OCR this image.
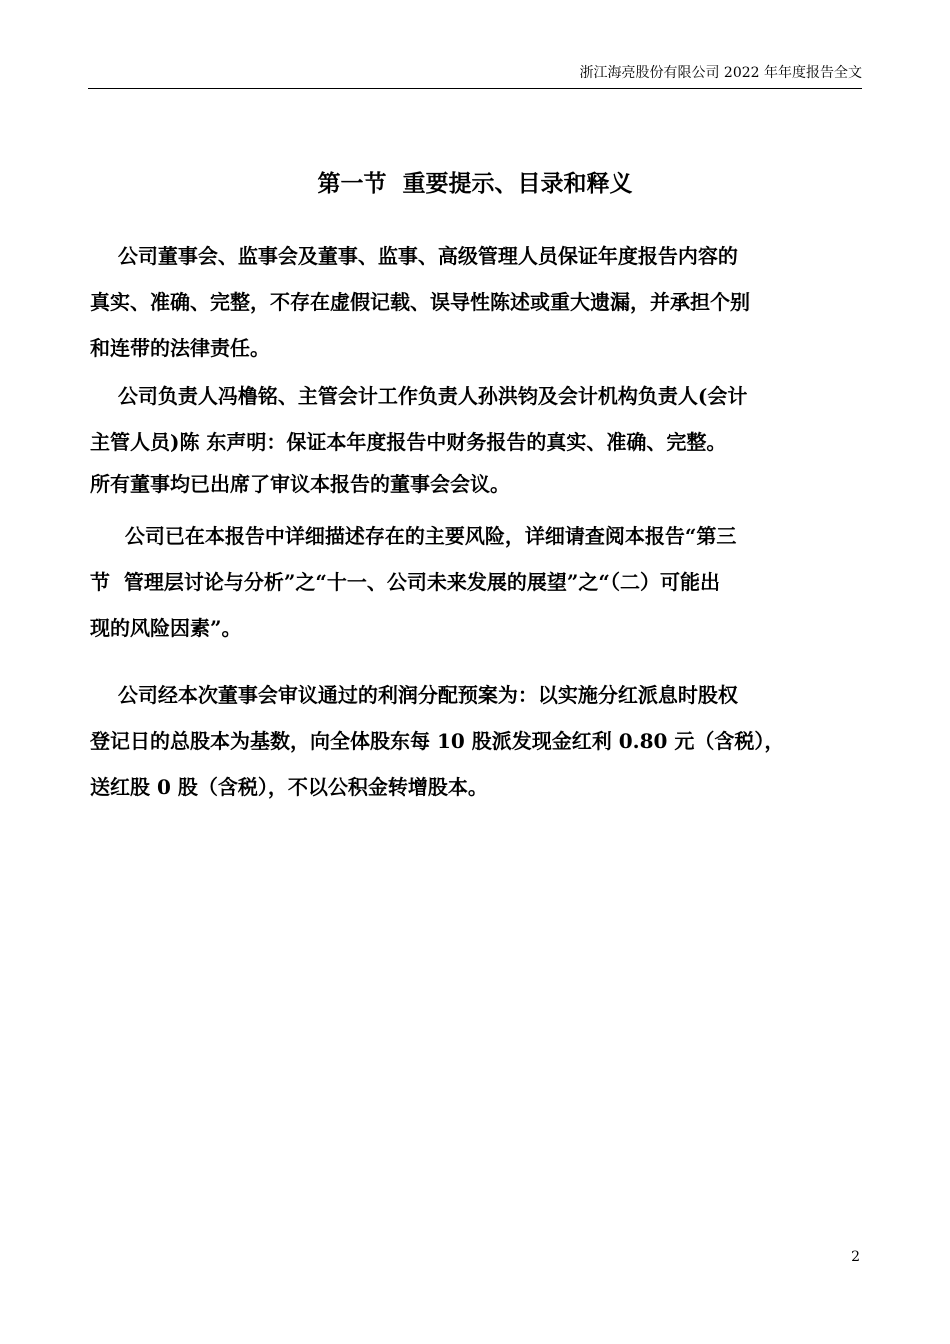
浙江海亮股份有限公司 2022 年年度报告全文
第一节  重要提示、目录和释义
公司董事会、监事会及董事、监事、高级管理人员保证年度报告内容的
真实、准确、完整，不存在虚假记载、误导性陈述或重大遗漏，并承担个别
和连带的法律责任。
公司负责人冯橹铭、主管会计工作负责人孙洪钧及会计机构负责人(会计
主管人员)陈 东声明：保证本年度报告中财务报告的真实、准确、完整。
所有董事均已出席了审议本报告的董事会会议。
公司已在本报告中详细描述存在的主要风险，详细请查阅本报告“第三
节  管理层讨论与分析”之“十一、公司未来发展的展望”之“（二）可能出
现的风险因素”。
公司经本次董事会审议通过的利润分配预案为：以实施分红派息时股权
登记日的总股本为基数，向全体股东每 10 股派发现金红利 0.80 元（含税），
送红股 0 股（含税），不以公积金转增股本。
2
